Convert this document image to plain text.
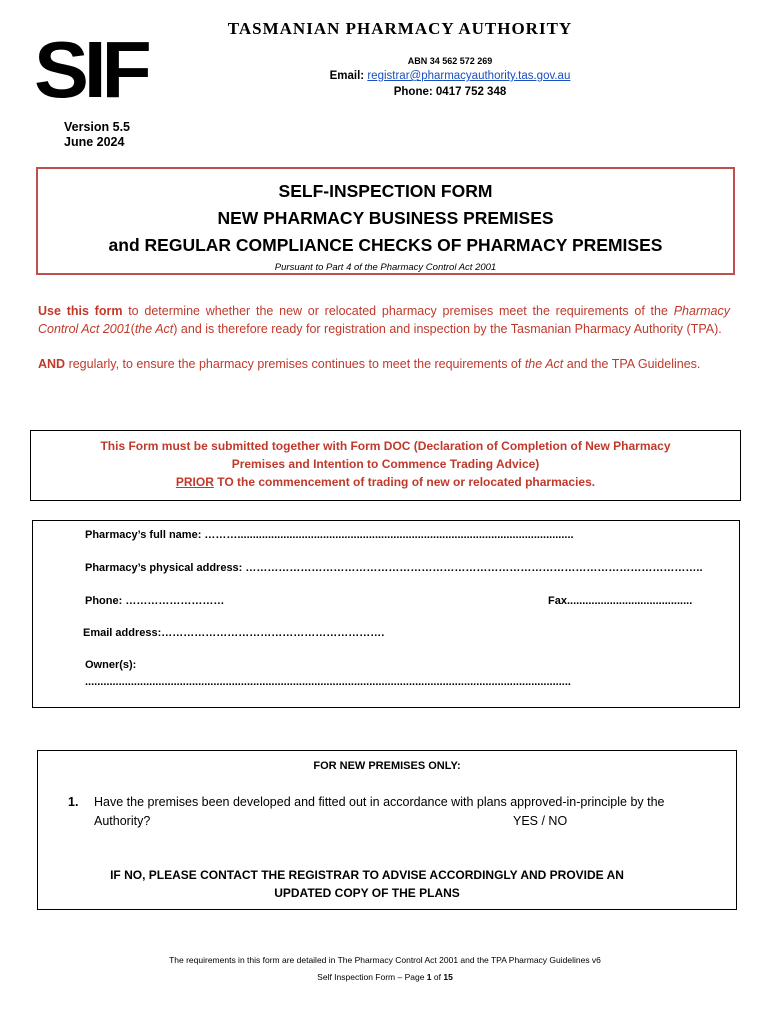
SIF
Version 5.5
June 2024
TASMANIAN PHARMACY AUTHORITY
ABN 34 562 572 269
Email: registrar@pharmacyauthority.tas.gov.au
Phone: 0417 752 348
SELF-INSPECTION FORM
NEW PHARMACY BUSINESS PREMISES
and REGULAR COMPLIANCE CHECKS OF PHARMACY PREMISES
Pursuant to Part 4 of the Pharmacy Control Act 2001

Use this form to determine whether the new or relocated pharmacy premises meet the requirements of the Pharmacy Control Act 2001(the Act) and is therefore ready for registration and inspection by the Tasmanian Pharmacy Authority (TPA).

AND regularly, to ensure the pharmacy premises continues to meet the requirements of the Act and the TPA Guidelines.

This Form must be submitted together with Form DOC (Declaration of Completion of New Pharmacy
Premises and Intention to Commence Trading Advice)
PRIOR TO the commencement of trading of new or relocated pharmacies.
Pharmacy’s full name: ………..............................................................................................................
Pharmacy’s physical address: ……………………………………………………………………………………………………………..
Phone: ………………………	Fax.........................................
Email address:…………………………………………………….
Owner(s):
...............................................................................................................................................................
FOR NEW PREMISES ONLY:
1. Have the premises been developed and fitted out in accordance with plans approved-in-principle by the Authority?	YES / NO
IF NO, PLEASE CONTACT THE REGISTRAR TO ADVISE ACCORDINGLY AND PROVIDE AN
UPDATED COPY OF THE PLANS
The requirements in this form are detailed in The Pharmacy Control Act 2001 and the TPA Pharmacy Guidelines v6
Self Inspection Form – Page 1 of 15
